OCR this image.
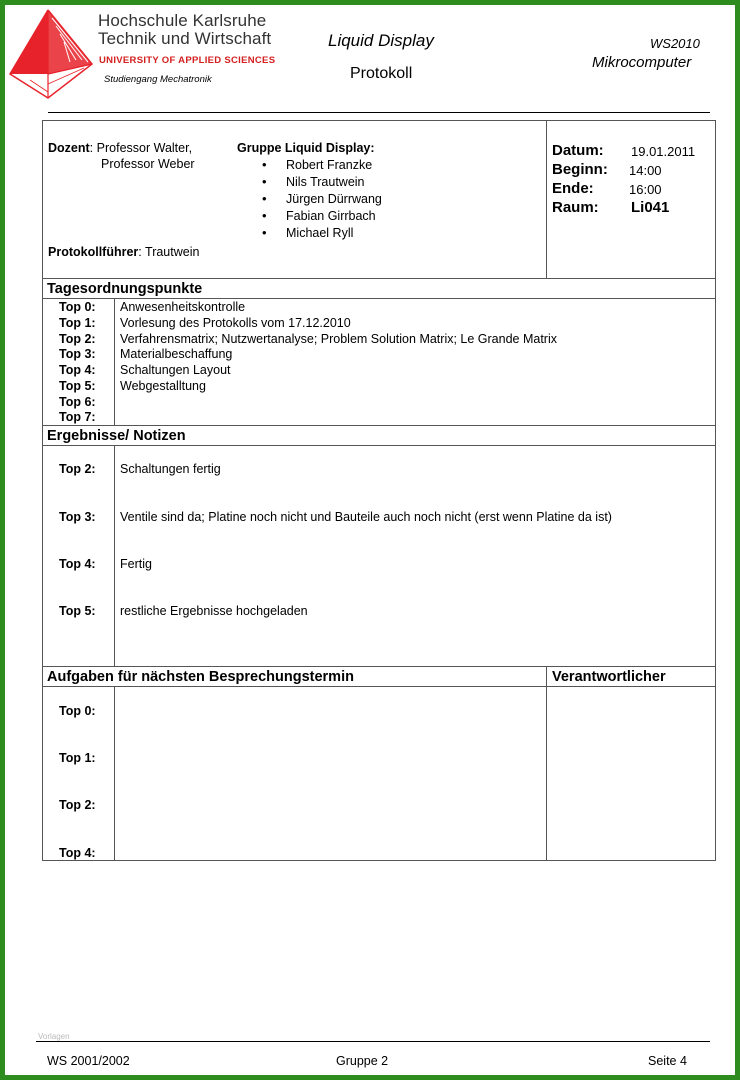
Hochschule Karlsruhe
Technik und Wirtschaft
UNIVERSITY OF APPLIED SCIENCES
Studiengang Mechatronik
Liquid Display
Protokoll
WS2010
Mikrocomputer
Dozent: Professor Walter,
Professor Weber
Gruppe Liquid Display:
• Robert Franzke
• Nils Trautwein
• Jürgen Dürrwang
• Fabian Girrbach
• Michael Ryll
Protokollführer: Trautwein
Datum: 19.01.2011
Beginn: 14:00
Ende:	16:00
Raum: Li041
Tagesordnungspunkte
Top 0: Anwesenheitskontrolle
Top 1: Vorlesung des Protokolls vom 17.12.2010
Top 2: Verfahrensmatrix; Nutzwertanalyse; Problem Solution Matrix; Le Grande Matrix
Top 3: Materialbeschaffung
Top 4: Schaltungen Layout
Top 5: Webgestalltung
Top 6:
Top 7:
Ergebnisse/ Notizen
Top 2: Schaltungen fertig
Top 3: Ventile sind da; Platine noch nicht und Bauteile auch noch nicht (erst wenn Platine da ist)
Top 4: Fertig
Top 5: restliche Ergebnisse hochgeladen
Aufgaben für nächsten Besprechungstermin	Verantwortlicher
Top 0:
Top 1:
Top 2:
Top 4:
Vorlagen
WS 2001/2002	Gruppe 2	Seite 4
